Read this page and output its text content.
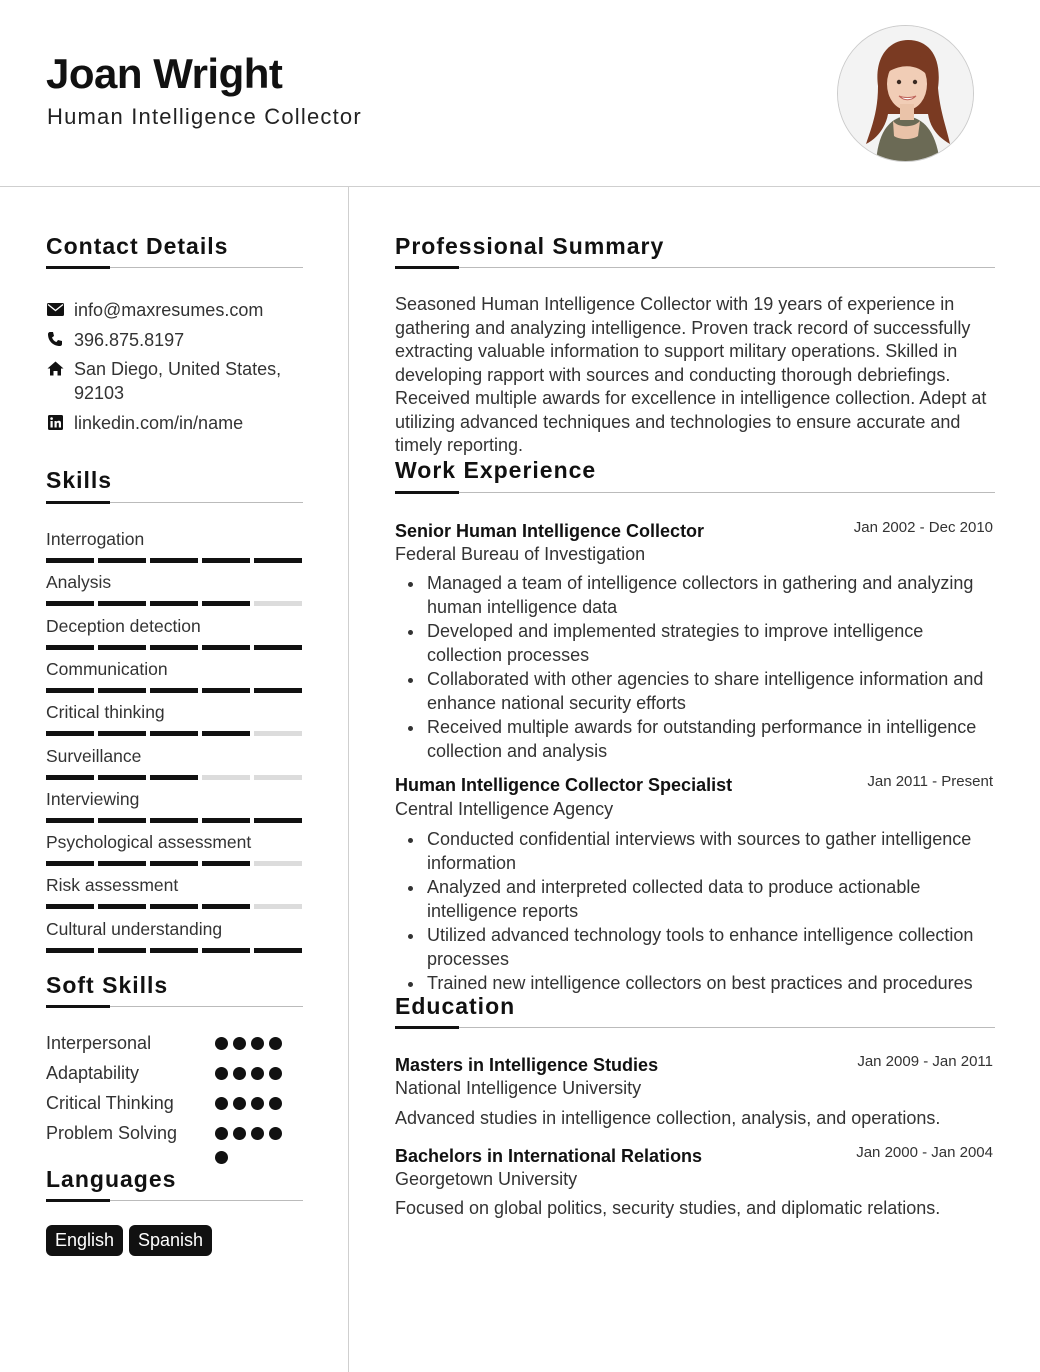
Joan Wright
Human Intelligence Collector
Contact Details
info@maxresumes.com
396.875.8197
San Diego, United States, 92103
linkedin.com/in/name
Skills
Interrogation
Analysis
Deception detection
Communication
Critical thinking
Surveillance
Interviewing
Psychological assessment
Risk assessment
Cultural understanding
Soft Skills
Interpersonal
Adaptability
Critical Thinking
Problem Solving
Languages
English	Spanish
Professional Summary
Seasoned Human Intelligence Collector with 19 years of experience in gathering and analyzing intelligence. Proven track record of successfully extracting valuable information to support military operations. Skilled in developing rapport with sources and conducting thorough debriefings. Received multiple awards for excellence in intelligence collection. Adept at utilizing advanced techniques and technologies to ensure accurate and timely reporting.
Work Experience
Senior Human Intelligence Collector	Jan 2002 - Dec 2010
Federal Bureau of Investigation
Managed a team of intelligence collectors in gathering and analyzing human intelligence data
Developed and implemented strategies to improve intelligence collection processes
Collaborated with other agencies to share intelligence information and enhance national security efforts
Received multiple awards for outstanding performance in intelligence collection and analysis
Human Intelligence Collector Specialist	Jan 2011 - Present
Central Intelligence Agency
Conducted confidential interviews with sources to gather intelligence information
Analyzed and interpreted collected data to produce actionable intelligence reports
Utilized advanced technology tools to enhance intelligence collection processes
Trained new intelligence collectors on best practices and procedures
Education
Masters in Intelligence Studies	Jan 2009 - Jan 2011
National Intelligence University
Advanced studies in intelligence collection, analysis, and operations.
Bachelors in International Relations	Jan 2000 - Jan 2004
Georgetown University
Focused on global politics, security studies, and diplomatic relations.
